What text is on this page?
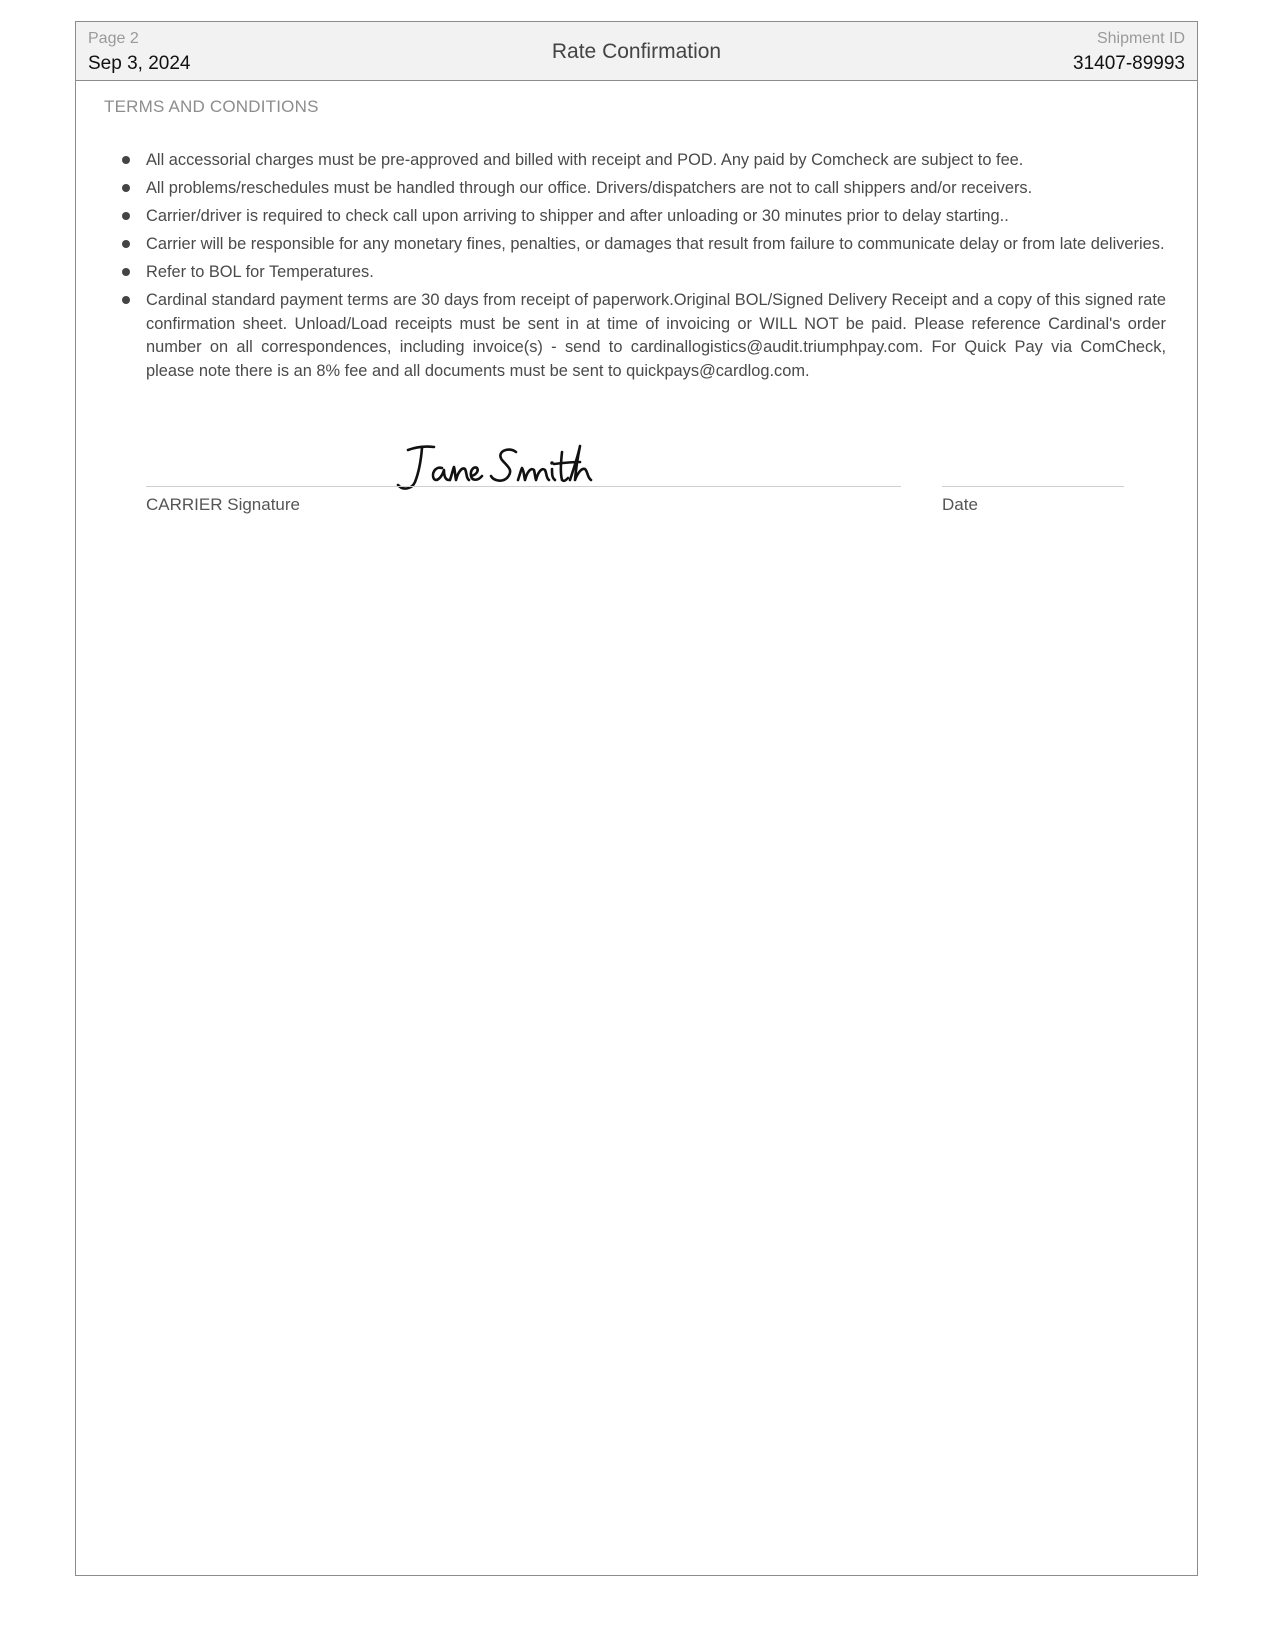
Page 2
Sep 3, 2024
Rate Confirmation
Shipment ID
31407-89993
TERMS AND CONDITIONS
All accessorial charges must be pre-approved and billed with receipt and POD. Any paid by Comcheck are subject to fee.
All problems/reschedules must be handled through our office. Drivers/dispatchers are not to call shippers and/or receivers.
Carrier/driver is required to check call upon arriving to shipper and after unloading or 30 minutes prior to delay starting..
Carrier will be responsible for any monetary fines, penalties, or damages that result from failure to communicate delay or from late deliveries.
Refer to BOL for Temperatures.
Cardinal standard payment terms are 30 days from receipt of paperwork.Original BOL/Signed Delivery Receipt and a copy of this signed rate confirmation sheet. Unload/Load receipts must be sent in at time of invoicing or WILL NOT be paid. Please reference Cardinal's order number on all correspondences, including invoice(s) - send to cardinallogistics@audit.triumphpay.com. For Quick Pay via ComCheck, please note there is an 8% fee and all documents must be sent to quickpays@cardlog.com.
CARRIER Signature	Date
